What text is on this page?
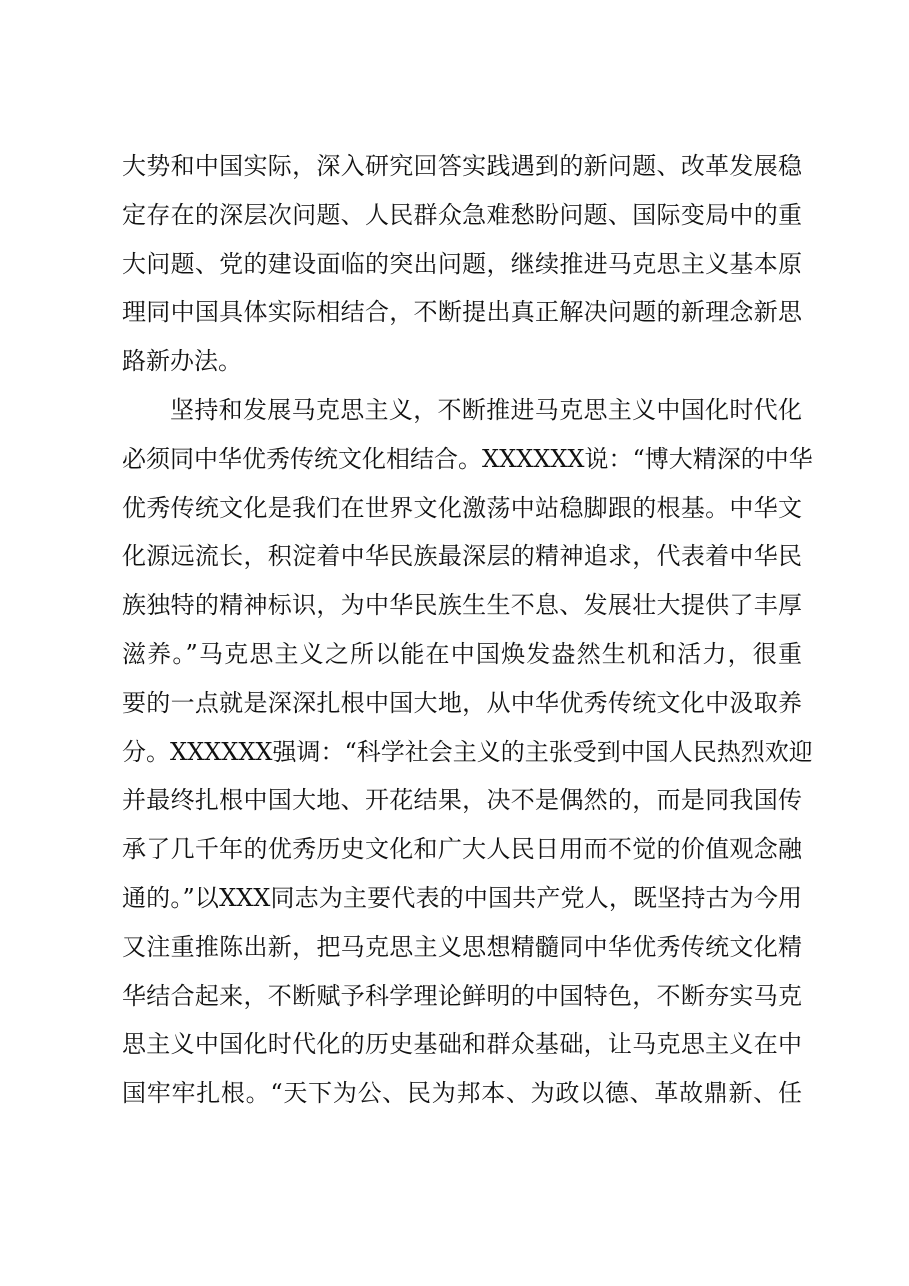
大势和中国实际，深入研究回答实践遇到的新问题、改革发展稳
定存在的深层次问题、人民群众急难愁盼问题、国际变局中的重
大问题、党的建设面临的突出问题，继续推进马克思主义基本原
理同中国具体实际相结合，不断提出真正解决问题的新理念新思
路新办法。
坚持和发展马克思主义，不断推进马克思主义中国化时代化
必须同中华优秀传统文化相结合。XXXXXX说：“博大精深的中华
优秀传统文化是我们在世界文化激荡中站稳脚跟的根基。中华文
化源远流长，积淀着中华民族最深层的精神追求，代表着中华民
族独特的精神标识，为中华民族生生不息、发展壮大提供了丰厚
滋养。”马克思主义之所以能在中国焕发盎然生机和活力，很重
要的一点就是深深扎根中国大地，从中华优秀传统文化中汲取养
分。XXXXXX强调：“科学社会主义的主张受到中国人民热烈欢迎
并最终扎根中国大地、开花结果，决不是偶然的，而是同我国传
承了几千年的优秀历史文化和广大人民日用而不觉的价值观念融
通的。”以XXX同志为主要代表的中国共产党人，既坚持古为今用
又注重推陈出新，把马克思主义思想精髓同中华优秀传统文化精
华结合起来，不断赋予科学理论鲜明的中国特色，不断夯实马克
思主义中国化时代化的历史基础和群众基础，让马克思主义在中
国牢牢扎根。“天下为公、民为邦本、为政以德、革故鼎新、任
